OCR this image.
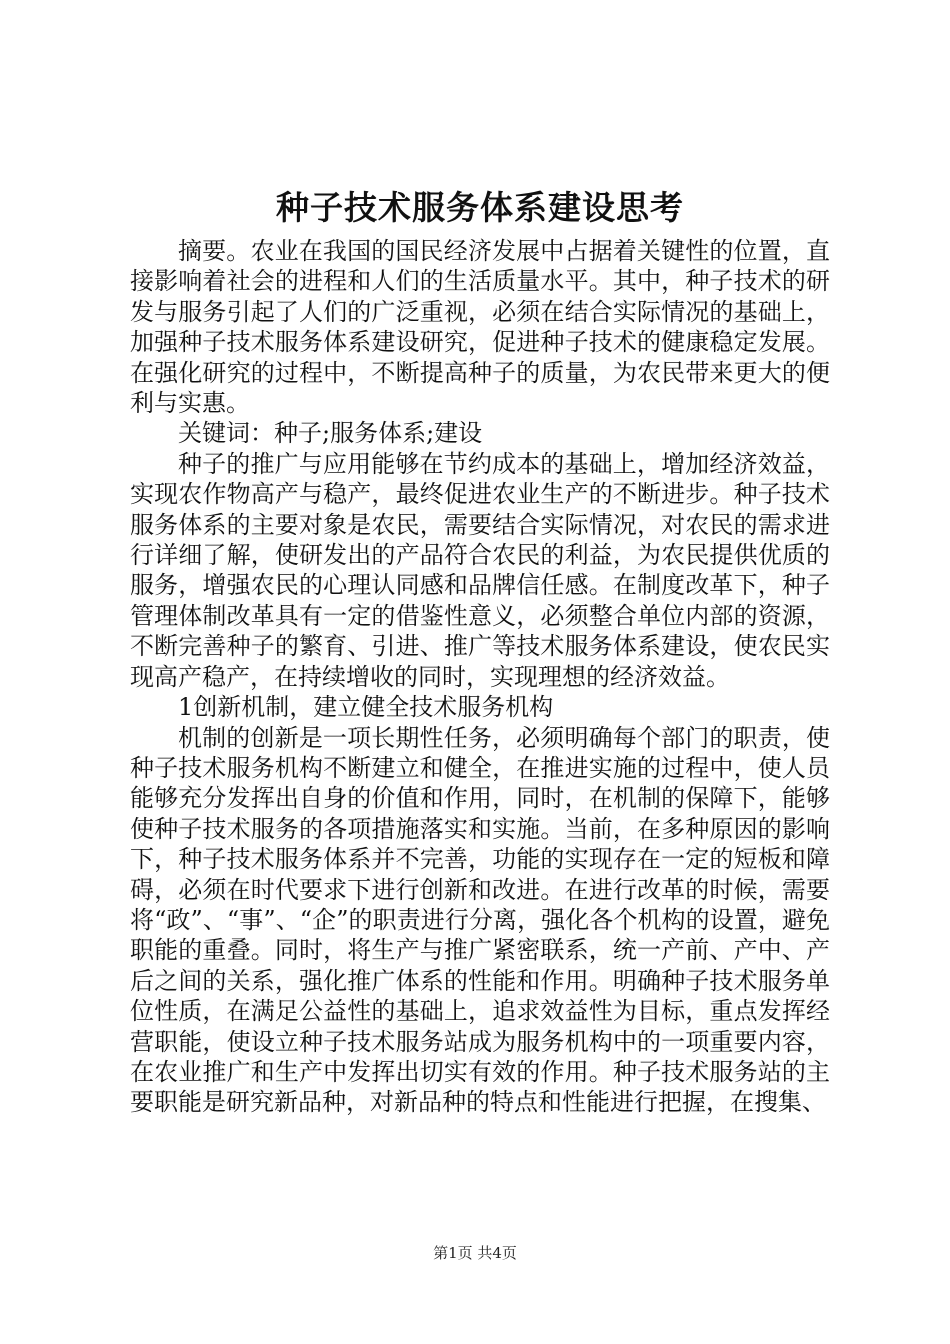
种子技术服务体系建设思考

摘要。农业在我国的国民经济发展中占据着关键性的位置，直接影响着社会的进程和人们的生活质量水平。其中，种子技术的研发与服务引起了人们的广泛重视，必须在结合实际情况的基础上，加强种子技术服务体系建设研究，促进种子技术的健康稳定发展。在强化研究的过程中，不断提高种子的质量，为农民带来更大的便利与实惠。

关键词：种子;服务体系;建设

种子的推广与应用能够在节约成本的基础上，增加经济效益，实现农作物高产与稳产，最终促进农业生产的不断进步。种子技术服务体系的主要对象是农民，需要结合实际情况，对农民的需求进行详细了解，使研发出的产品符合农民的利益，为农民提供优质的服务，增强农民的心理认同感和品牌信任感。在制度改革下，种子管理体制改革具有一定的借鉴性意义，必须整合单位内部的资源，不断完善种子的繁育、引进、推广等技术服务体系建设，使农民实现高产稳产，在持续增收的同时，实现理想的经济效益。

1创新机制，建立健全技术服务机构

机制的创新是一项长期性任务，必须明确每个部门的职责，使种子技术服务机构不断建立和健全，在推进实施的过程中，使人员能够充分发挥出自身的价值和作用，同时，在机制的保障下，能够使种子技术服务的各项措施落实和实施。当前，在多种原因的影响下，种子技术服务体系并不完善，功能的实现存在一定的短板和障碍，必须在时代要求下进行创新和改进。在进行改革的时候，需要将“政”、“事”、“企”的职责进行分离，强化各个机构的设置，避免职能的重叠。同时，将生产与推广紧密联系，统一产前、产中、产后之间的关系，强化推广体系的性能和作用。明确种子技术服务单位性质，在满足公益性的基础上，追求效益性为目标，重点发挥经营职能，使设立种子技术服务站成为服务机构中的一项重要内容，在农业推广和生产中发挥出切实有效的作用。种子技术服务站的主要职能是研究新品种，对新品种的特点和性能进行把握，在搜集、

第1页 共4页
